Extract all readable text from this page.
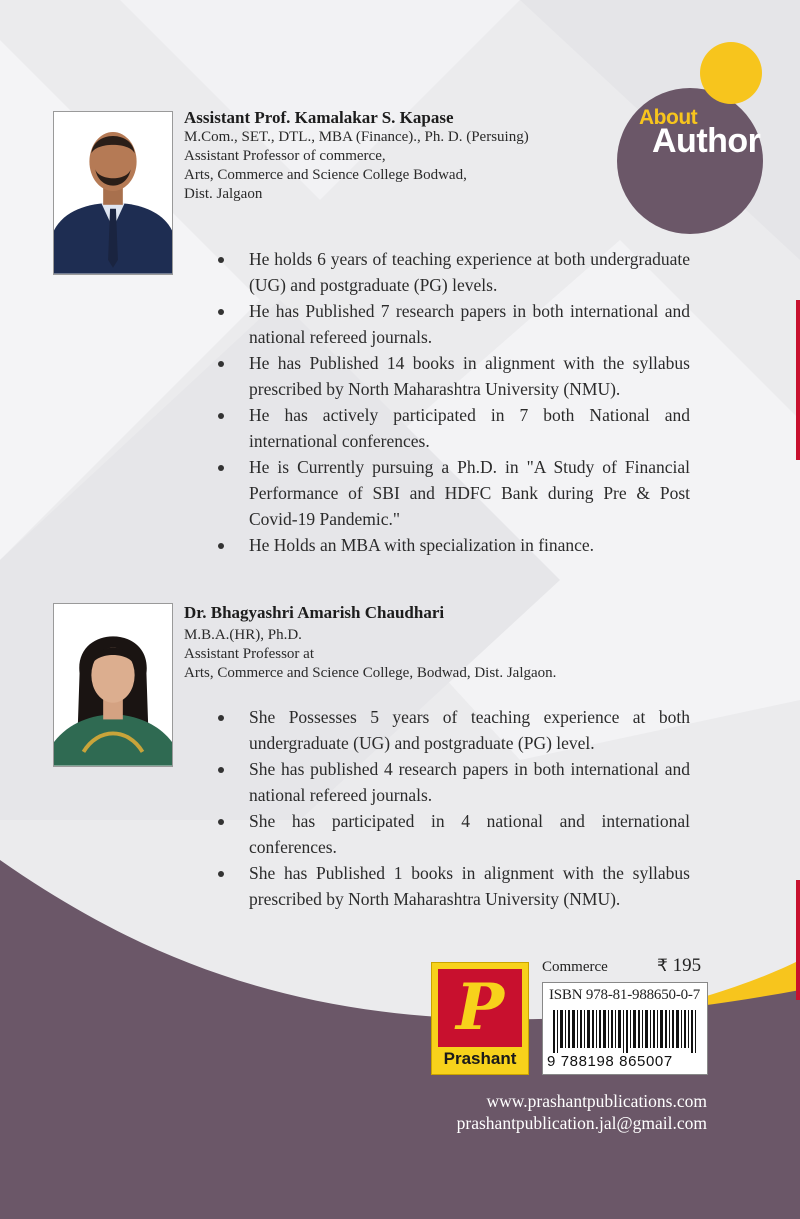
About
Author
Assistant Prof. Kamalakar S. Kapase
M.Com., SET., DTL., MBA (Finance)., Ph. D. (Persuing)
Assistant Professor of commerce,
Arts, Commerce and Science College Bodwad,
Dist. Jalgaon
He holds 6 years of teaching experience at both undergraduate (UG) and postgraduate (PG) levels.
He has Published 7 research papers in both international and national refereed journals.
He has Published 14 books in alignment with the syllabus prescribed by North Maharashtra University (NMU).
He has actively participated in 7 both National and international conferences.
He is Currently pursuing a Ph.D. in "A Study of Financial Performance of SBI and HDFC Bank during Pre & Post Covid-19 Pandemic."
He Holds an MBA with specialization in finance.
Dr. Bhagyashri Amarish Chaudhari
M.B.A.(HR), Ph.D.
Assistant Professor at
Arts, Commerce and Science College, Bodwad, Dist. Jalgaon.
She Possesses 5 years of teaching experience at both undergraduate (UG) and postgraduate (PG) level.
She has published 4 research papers in both international and national refereed journals.
She has participated in 4 national and international conferences.
She has Published 1 books in alignment with the syllabus prescribed by North Maharashtra University (NMU).
P
Prashant
Commerce	₹ 195
ISBN 978-81-988650-0-7
9 788198 865007
www.prashantpublications.com
prashantpublication.jal@gmail.com
